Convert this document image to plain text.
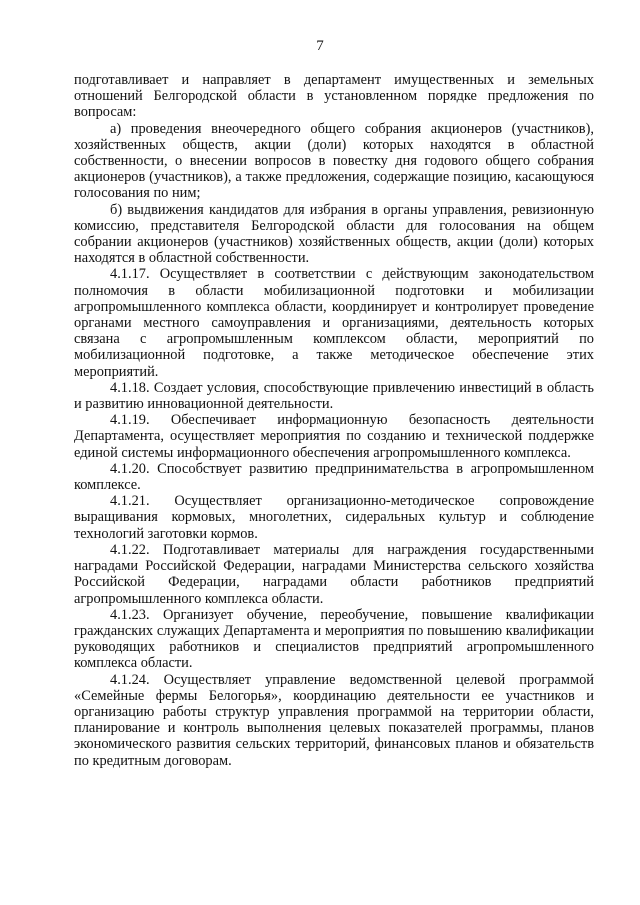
7

подготавливает и направляет в департамент имущественных и земельных отношений Белгородской области в установленном порядке предложения по вопросам:

а) проведения внеочередного общего собрания акционеров (участников), хозяйственных обществ, акции (доли) которых находятся в областной собственности, о внесении вопросов в повестку дня годового общего собрания акционеров (участников), а также предложения, содержащие позицию, касающуюся голосования по ним;

б) выдвижения кандидатов для избрания в органы управления, ревизионную комиссию, представителя Белгородской области для голосования на общем собрании акционеров (участников) хозяйственных обществ, акции (доли) которых находятся в областной собственности.

4.1.17. Осуществляет в соответствии с действующим законодательством полномочия в области мобилизационной подготовки и мобилизации агропромышленного комплекса области, координирует и контролирует проведение органами местного самоуправления и организациями, деятельность которых связана с агропромышленным комплексом области, мероприятий по мобилизационной подготовке, а также методическое обеспечение этих мероприятий.

4.1.18. Создает условия, способствующие привлечению инвестиций в область и развитию инновационной деятельности.

4.1.19. Обеспечивает информационную безопасность деятельности Департамента, осуществляет мероприятия по созданию и технической поддержке единой системы информационного обеспечения агропромышленного комплекса.

4.1.20. Способствует развитию предпринимательства в агропромышленном комплексе.

4.1.21. Осуществляет организационно-методическое сопровождение выращивания кормовых, многолетних, сидеральных культур и соблюдение технологий заготовки кормов.

4.1.22. Подготавливает материалы для награждения государственными наградами Российской Федерации, наградами Министерства сельского хозяйства Российской Федерации, наградами области работников предприятий агропромышленного комплекса области.

4.1.23. Организует обучение, переобучение, повышение квалификации гражданских служащих Департамента и мероприятия по повышению квалификации руководящих работников и специалистов предприятий агропромышленного комплекса области.

4.1.24. Осуществляет управление ведомственной целевой программой «Семейные фермы Белогорья», координацию деятельности ее участников и организацию работы структур управления программой на территории области, планирование и контроль выполнения целевых показателей программы, планов экономического развития сельских территорий, финансовых планов и обязательств по кредитным договорам.
